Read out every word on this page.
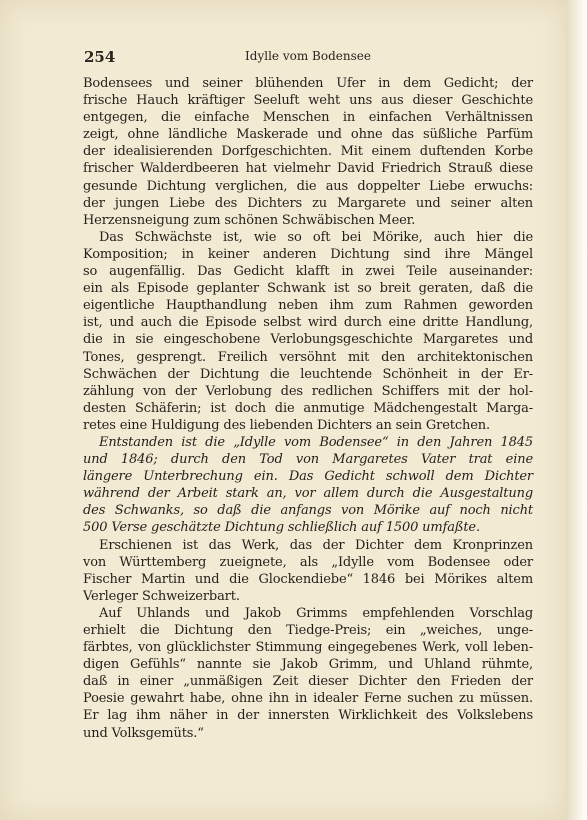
254	Idylle vom Bodensee

Bodensees und seiner blühenden Ufer in dem Gedicht; der
frische Hauch kräftiger Seeluft weht uns aus dieser Geschichte
entgegen, die einfache Menschen in einfachen Verhältnissen
zeigt, ohne ländliche Maskerade und ohne das süßliche Parfüm
der idealisierenden Dorfgeschichten. Mit einem duftenden Korbe
frischer Walderdbeeren hat vielmehr David Friedrich Strauß diese
gesunde Dichtung verglichen, die aus doppelter Liebe erwuchs:
der jungen Liebe des Dichters zu Margarete und seiner alten
Herzensneigung zum schönen Schwäbischen Meer.

Das Schwächste ist, wie so oft bei Mörike, auch hier die
Komposition; in keiner anderen Dichtung sind ihre Mängel
so augenfällig. Das Gedicht klafft in zwei Teile auseinander:
ein als Episode geplanter Schwank ist so breit geraten, daß die
eigentliche Haupthandlung neben ihm zum Rahmen geworden
ist, und auch die Episode selbst wird durch eine dritte Handlung,
die in sie eingeschobene Verlobungsgeschichte Margaretes und
Tones, gesprengt. Freilich versöhnt mit den architektonischen
Schwächen der Dichtung die leuchtende Schönheit in der Er-
zählung von der Verlobung des redlichen Schiffers mit der hol-
desten Schäferin; ist doch die anmutige Mädchengestalt Marga-
retes eine Huldigung des liebenden Dichters an sein Gretchen.

Entstanden ist die „Idylle vom Bodensee“ in den Jahren 1845
und 1846; durch den Tod von Margaretes Vater trat eine
längere Unterbrechung ein. Das Gedicht schwoll dem Dichter
während der Arbeit stark an, vor allem durch die Ausgestaltung
des Schwanks, so daß die anfangs von Mörike auf noch nicht
500 Verse geschätzte Dichtung schließlich auf 1500 umfaßte.

Erschienen ist das Werk, das der Dichter dem Kronprinzen
von Württemberg zueignete, als „Idylle vom Bodensee oder
Fischer Martin und die Glockendiebe“ 1846 bei Mörikes altem
Verleger Schweizerbart.

Auf Uhlands und Jakob Grimms empfehlenden Vorschlag
erhielt die Dichtung den Tiedge-Preis; ein „weiches, unge-
färbtes, von glücklichster Stimmung eingegebenes Werk, voll leben-
digen Gefühls“ nannte sie Jakob Grimm, und Uhland rühmte,
daß in einer „unmäßigen Zeit dieser Dichter den Frieden der
Poesie gewahrt habe, ohne ihn in idealer Ferne suchen zu müssen.
Er lag ihm näher in der innersten Wirklichkeit des Volkslebens
und Volksgemüts.“
